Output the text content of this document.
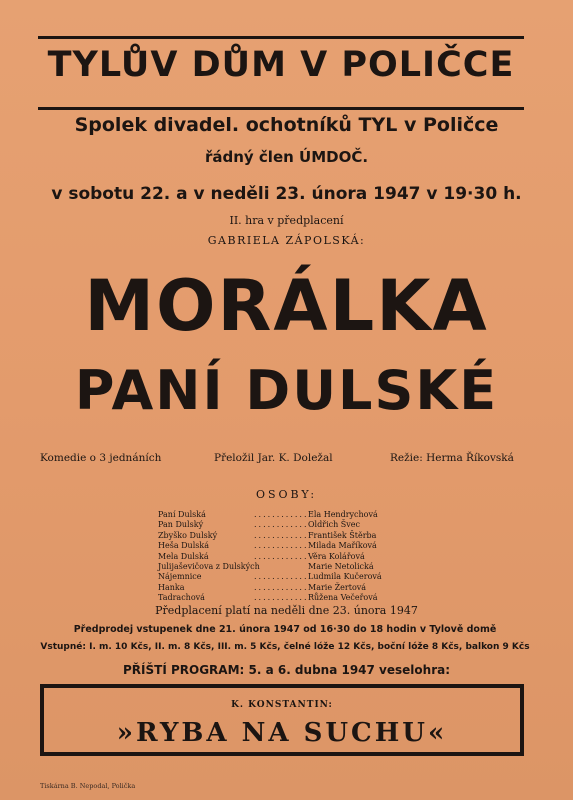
TYLŮV DŮM V POLIČCE
Spolek divadel. ochotníků TYL v Poličce
řádný člen ÚMDOČ.
v sobotu 22. a v neděli 23. února 1947 v 19·30 h.
II. hra v předplacení
GABRIELA ZÁPOLSKÁ:
MORÁLKA
PANÍ DULSKÉ
Komedie o 3 jednáních	Přeložil Jar. K. Doležal	Režie: Herma Říkovská
OSOBY:
Paní Dulská	............ Ela Hendrychová
Pan Dulský	............ Oldřich Švec
Zbyško Dulský	............ František Štěrba
Heša Dulská	............ Milada Maříková
Mela Dulská	............ Věra Kolářová
Julijaševičova z Dulských	Marie Netolická
Nájemnice	............ Ludmila Kučerová
Hanka	............ Marie Žertová
Tadrachová	............ Růžena Večeřová
Předplacení platí na neděli dne 23. února 1947
Předprodej vstupenek dne 21. února 1947 od 16·30 do 18 hodin v Tylově domě
Vstupné: I. m. 10 Kčs, II. m. 8 Kčs, III. m. 5 Kčs, čelné lóže 12 Kčs, boční lóže 8 Kčs, balkon 9 Kčs
PŘÍŠTÍ PROGRAM: 5. a 6. dubna 1947 veselohra:
K. KONSTANTIN:
»RYBA NA SUCHU«
Tiskárna B. Nepodal, Polička
